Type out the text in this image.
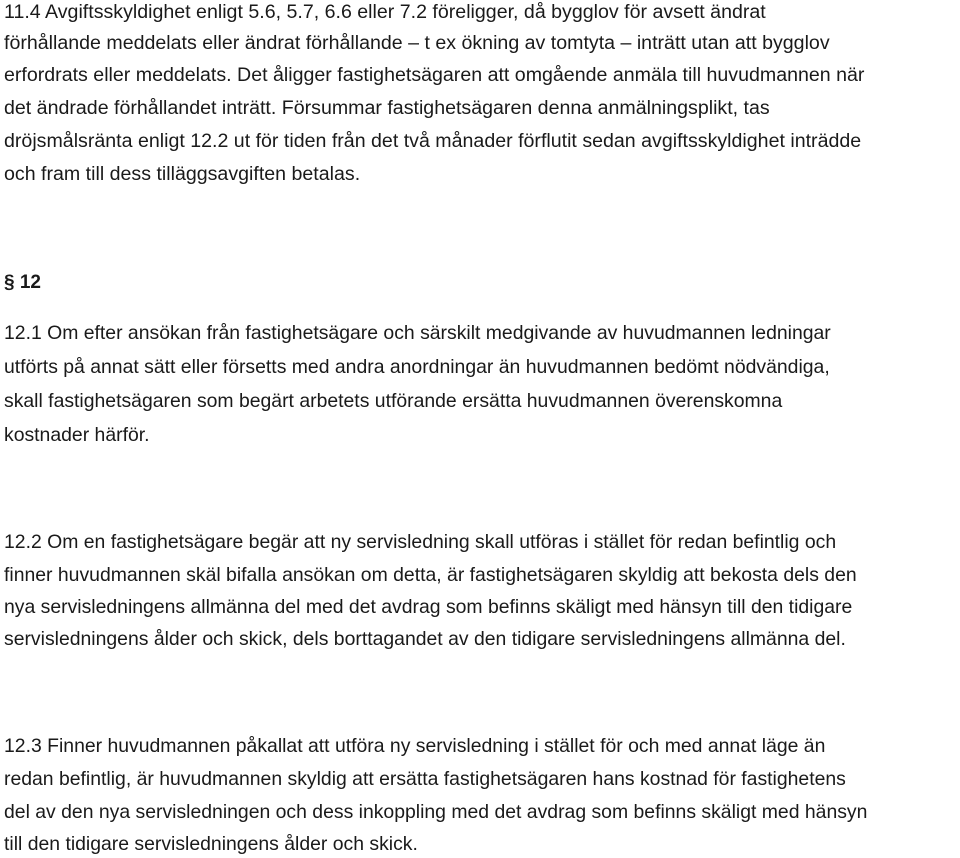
11.4 Avgiftsskyldighet enligt 5.6, 5.7, 6.6 eller 7.2 föreligger, då bygglov för avsett ändrat
förhållande meddelats eller ändrat förhållande – t ex ökning av tomtyta – inträtt utan att bygglov
erfordrats eller meddelats. Det åligger fastighetsägaren att omgående anmäla till huvudmannen när
det ändrade förhållandet inträtt. Försummar fastighetsägaren denna anmälningsplikt, tas
dröjsmålsränta enligt 12.2 ut för tiden från det två månader förflutit sedan avgiftsskyldighet inträdde
och fram till dess tilläggsavgiften betalas.
§ 12
12.1 Om efter ansökan från fastighetsägare och särskilt medgivande av huvudmannen ledningar
utförts på annat sätt eller försetts med andra anordningar än huvudmannen bedömt nödvändiga,
skall fastighetsägaren som begärt arbetets utförande ersätta huvudmannen överenskomna
kostnader härför.
12.2 Om en fastighetsägare begär att ny servisledning skall utföras i stället för redan befintlig och
finner huvudmannen skäl bifalla ansökan om detta, är fastighetsägaren skyldig att bekosta dels den
nya servisledningens allmänna del med det avdrag som befinns skäligt med hänsyn till den tidigare
servisledningens ålder och skick, dels borttagandet av den tidigare servisledningens allmänna del.
12.3 Finner huvudmannen påkallat att utföra ny servisledning i stället för och med annat läge än
redan befintlig, är huvudmannen skyldig att ersätta fastighetsägaren hans kostnad för fastighetens
del av den nya servisledningen och dess inkoppling med det avdrag som befinns skäligt med hänsyn
till den tidigare servisledningens ålder och skick.
